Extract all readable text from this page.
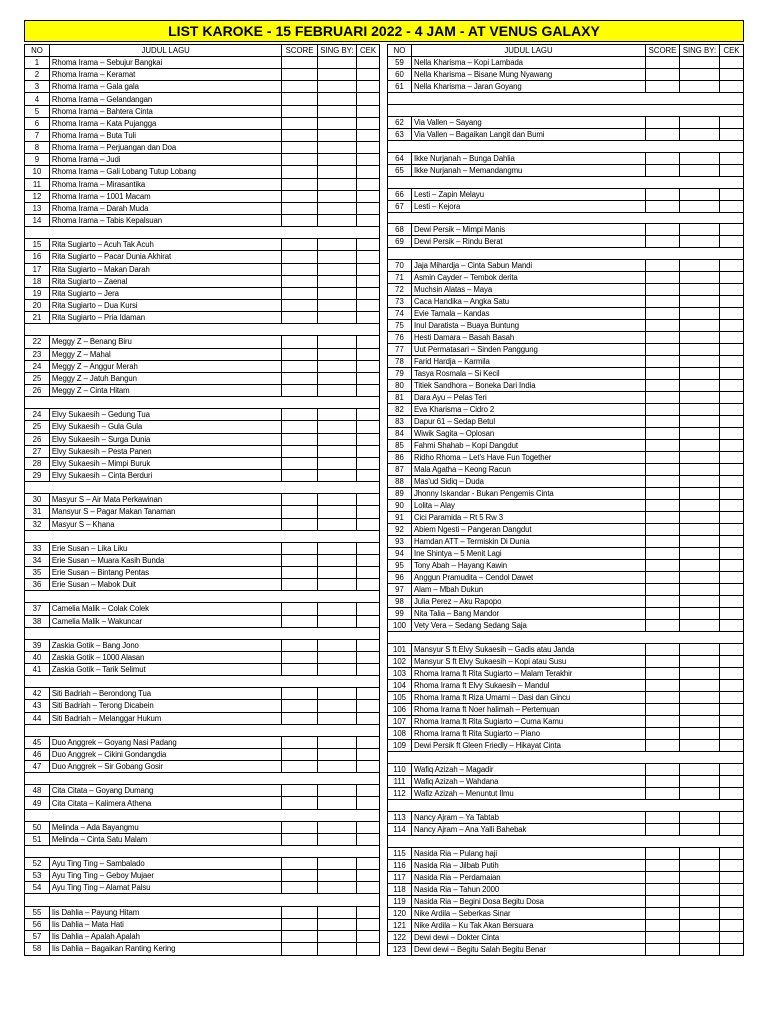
LIST KAROKE - 15 FEBRUARI 2022 - 4 JAM - AT VENUS GALAXY
NO	JUDUL LAGU	SCORE	SING BY:	CEK
1	Rhoma Irama – Sebujur Bangkai			
2	Rhoma Irama – Keramat			
3	Rhoma Irama – Gala gala			
4	Rhoma Irama – Gelandangan			
5	Rhoma Irama – Bahtera Cinta			
6	Rhoma Irama – Kata Pujangga			
7	Rhoma Irama – Buta Tuli			
8	Rhoma Irama – Perjuangan dan Doa			
9	Rhoma Irama – Judi			
10	Rhoma Irama – Gali Lobang Tutup Lobang			
11	Rhoma Irama – Mirasantika			
12	Rhoma Irama – 1001 Macam			
13	Rhoma Irama – Darah Muda			
14	Rhoma Irama – Tabis Kepalsuan			

15	Rita Sugiarto – Acuh Tak Acuh			
16	Rita Sugiarto – Pacar Dunia Akhirat			
17	Rita Sugiarto – Makan Darah			
18	Rita Sugiarto – Zaenal			
19	Rita Sugiarto – Jera			
20	Rita Sugiarto – Dua Kursi			
21	Rita Sugiarto – Pria Idaman			

22	Meggy Z – Benang Biru			
23	Meggy Z – Mahal			
24	Meggy Z – Anggur Merah			
25	Meggy Z – Jatuh Bangun			
26	Meggy Z – Cinta Hitam			

24	Elvy Sukaesih – Gedung Tua			
25	Elvy Sukaesih – Gula Gula			
26	Elvy Sukaesih – Surga Dunia			
27	Elvy Sukaesih – Pesta Panen			
28	Elvy Sukaesih – Mimpi Buruk			
29	Elvy Sukaesih – Cinta Berduri			

30	Masyur S – Air Mata Perkawinan			
31	Mansyur S – Pagar Makan Tanaman			
32	Masyur S – Khana			

33	Erie Susan – Lika Liku			
34	Erie Susan – Muara Kasih Bunda			
35	Erie Susan – Bintang Pentas			
36	Erie Susan – Mabok Duit			

37	Camelia Malik – Colak Colek			
38	Camelia Malik – Wakuncar			

39	Zaskia Gotik – Bang Jono			
40	Zaskia Gotik – 1000 Alasan			
41	Zaskia Gotik – Tarik Selimut			

42	Siti Badriah – Berondong Tua			
43	Siti Badriah – Terong Dicabein			
44	Siti Badriah – Melanggar Hukum			

45	Duo Anggrek – Goyang Nasi Padang			
46	Duo Anggrek – Cikini Gondangdia			
47	Duo Anggrek – Sir Gobang Gosir			

48	Cita Citata – Goyang Dumang			
49	Cita Citata – Kalimera Athena			

50	Melinda – Ada Bayangmu			
51	Melinda – Cinta Satu Malam			

52	Ayu Ting Ting – Sambalado			
53	Ayu Ting Ting – Geboy Mujaer			
54	Ayu Ting Ting – Alamat Palsu			

55	Iis Dahlia – Payung Hitam			
56	Iis Dahlia – Mata Hati			
57	Iis Dahlia – Apalah Apalah			
58	Iis Dahlia – Bagaikan Ranting Kering			
NO	JUDUL LAGU	SCORE	SING BY:	CEK
59	Nella Kharisma – Kopi Lambada			
60	Nella Kharisma – Bisane Mung Nyawang			
61	Nella Kharisma – Jaran Goyang			

62	Via Vallen – Sayang			
63	Via Vallen – Bagaikan Langit dan Bumi			

64	Ikke Nurjanah – Bunga Dahlia			
65	Ikke Nurjanah – Memandangmu			

66	Lesti – Zapin Melayu			
67	Lesti – Kejora			

68	Dewi Persik – Mimpi Manis			
69	Dewi Persik – Rindu Berat			

70	Jaja Mihardja – Cinta Sabun Mandi			
71	Asmin Cayder – Tembok derita			
72	Muchsin Alatas – Maya			
73	Caca Handika – Angka Satu			
74	Evie Tamala – Kandas			
75	Inul Daratista – Buaya Buntung			
76	Hesti Damara – Basah Basah			
77	Uut Permatasari – Sinden Panggung			
78	Farid Hardja – Karmila			
79	Tasya Rosmala – Si Kecil			
80	Titiek Sandhora – Boneka Dari India			
81	Dara Ayu – Pelas Teri			
82	Eva Kharisma – Cidro 2			
83	Dapur 61 – Sedap Betul			
84	Wiwik Sagita – Oplosan			
85	Fahmi Shahab – Kopi Dangdut			
86	Ridho Rhoma – Let's Have Fun Together			
87	Mala Agatha – Keong Racun			
88	Mas'ud Sidiq – Duda			
89	Jhonny Iskandar - Bukan Pengemis Cinta			
90	Lolita – Alay			
91	Cici Paramida – Rt 5 Rw 3			
92	Abiem Ngesti – Pangeran Dangdut			
93	Hamdan ATT – Termiskin Di Dunia			
94	Ine Shintya – 5 Menit Lagi			
95	Tony Abah – Hayang Kawin			
96	Anggun Pramudita – Cendol Dawet			
97	Alam – Mbah Dukun			
98	Julia Perez – Aku Rapopo			
99	Nita Talia – Bang Mandor			
100	Vety Vera – Sedang Sedang Saja			

101	Mansyur S ft Elvy Sukaesih – Gadis atau Janda			
102	Mansyur S ft Elvy Sukaesih – Kopi atau Susu			
103	Rhoma Irama ft Rita Sugiarto – Malam Terakhir			
104	Rhoma Irama ft Elvy Sukaesih – Mandul			
105	Rhoma Irama ft Riza Umami – Dasi dan Gincu			
106	Rhoma Irama ft Noer halimah – Pertemuan			
107	Rhoma Irama ft Rita Sugiarto – Cuma Kamu			
108	Rhoma Irama ft Rita Sugiarto – Piano			
109	Dewi Persik ft Gleen Friedly – Hikayat Cinta			

110	Wafiq Azizah – Magadir			
111	Wafiq Azizah – Wahdana			
112	Wafiz Azizah – Menuntut Ilmu			

113	Nancy Ajram – Ya Tabtab			
114	Nancy Ajram – Ana Yalli Bahebak			

115	Nasida Ria – Pulang haji			
116	Nasida Ria – Jilbab Putih			
117	Nasida Ria – Perdamaian			
118	Nasida Ria – Tahun 2000			
119	Nasida Ria – Begini Dosa Begitu Dosa			
120	Nike Ardila – Seberkas Sinar			
121	Nike Ardila – Ku Tak Akan Bersuara			
122	Dewi dewi – Dokter Cinta			
123	Dewi dewi – Begitu Salah Begitu Benar			
